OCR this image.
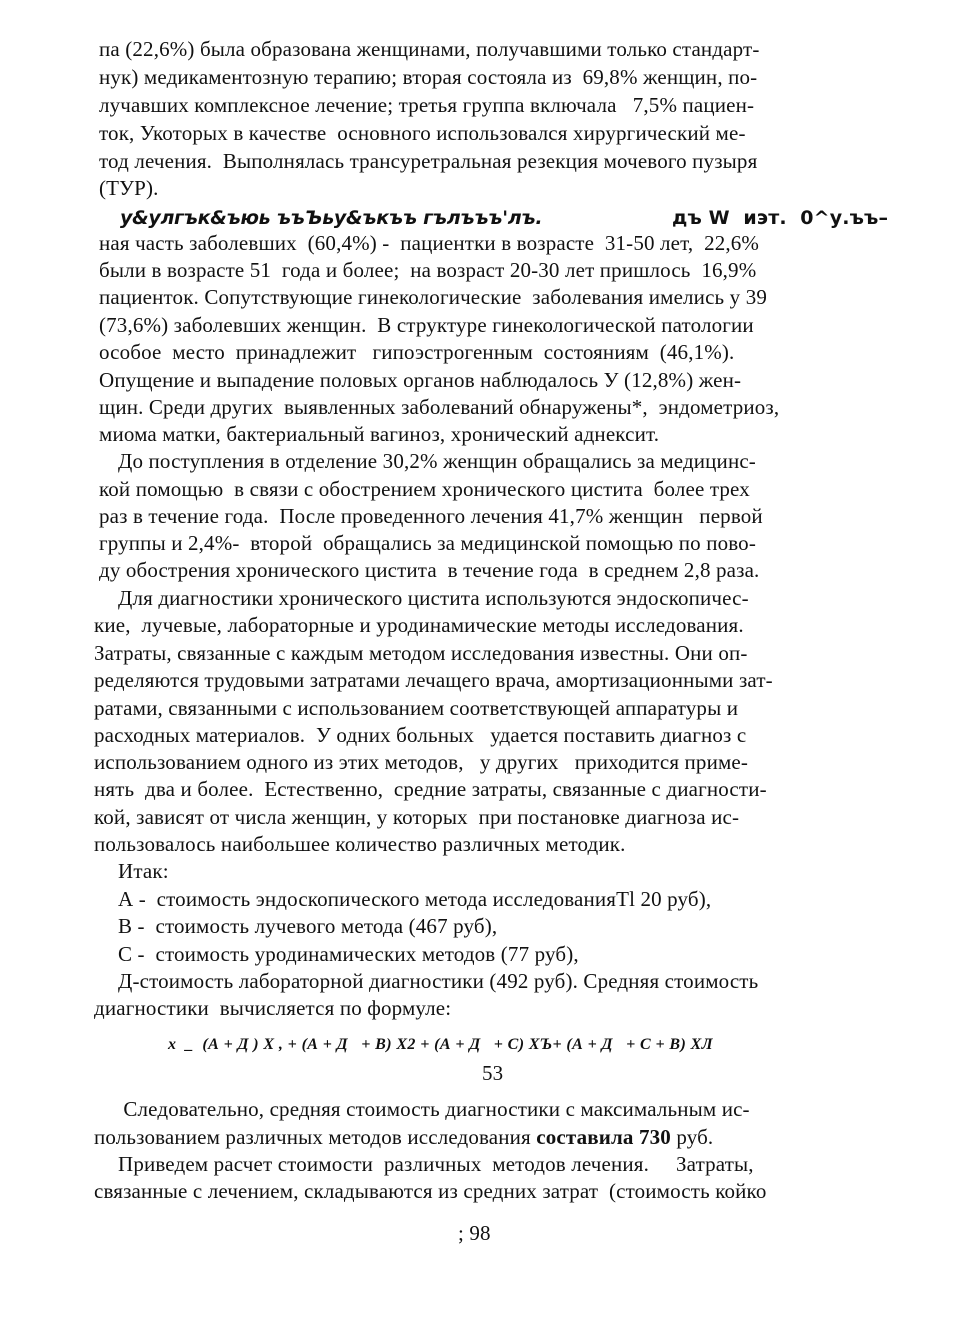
па (22,6%) была образована женщинами, получавшими только стандарт-
нук) медикаментозную терапию; вторая состояла из  69,8% женщин, по-
лучавших комплексное лечение; третья группа включала   7,5% пациен-
ток, Укоторых в качестве  основного использовался хирургический ме-
тод лечения.  Выполнялась трансуретральная резекция мочевого пузыря
(ТУР).
у&улгък&ъюь ъъЪьу&ъкъъ гълъъъ'лъ.	дъ W  иэт.  0^у.ъъ–
ная часть заболевших  (60,4%) -  пациентки в возрасте  31-50 лет,  22,6%
были в возрасте 51  года и более;  на возраст 20-30 лет пришлось  16,9%
пациенток. Сопутствующие гинекологические  заболевания имелись у 39
(73,6%) заболевших женщин.  В структуре гинекологической патологии
особое  место  принадлежит   гипоэстрогенным  состояниям  (46,1%).
Опущение и выпадение половых органов наблюдалось У (12,8%) жен-
щин. Среди других  выявленных заболеваний обнаружены*,  эндометриоз,
миома матки, бактериальный вагиноз, хронический аднексит.
До поступления в отделение 30,2% женщин обращались за медицинс-
кой помощью  в связи с обострением хронического цистита  более трех
раз в течение года.  После проведенного лечения 41,7% женщин   первой
группы и 2,4%-  второй  обращались за медицинской помощью по пово-
ду обострения хронического цистита  в течение года  в среднем 2,8 раза.
Для диагностики хронического цистита используются эндоскопичес-
кие,  лучевые, лабораторные и уродинамические методы исследования.
Затраты, связанные с каждым методом исследования известны. Они оп-
ределяются трудовыми затратами лечащего врача, амортизационными зат-
ратами, связанными с использованием соответствующей аппаратуры и
расходных материалов.  У одних больных   удается поставить диагноз с
использованием одного из этих методов,   у других   приходится приме-
нять  два и более.  Естественно,  средние затраты, связанные с диагности-
кой, зависят от числа женщин, у которых  при постановке диагноза ис-
пользовалось наибольшее количество различных методик.
Итак:
А -  стоимость эндоскопического метода исследованияTl 20 руб),
В -  стоимость лучевого метода (467 руб),
С -  стоимость уродинамических методов (77 руб),
Д-стоимость лабораторной диагностики (492 руб). Средняя стоимость
диагностики  вычисляется по формуле:
х  _  (А + Д ) X , + (А + Д   + В) Х2 + (А + Д   + С) ХЪ+ (А + Д   + С + В) ХЛ
53
Следовательно, средняя стоимость диагностики с максимальным ис-
пользованием различных методов исследования составила 730 руб.
Приведем расчет стоимости  различных  методов лечения.     Затраты,
связанные с лечением, складываются из средних затрат  (стоимость койко
; 98
